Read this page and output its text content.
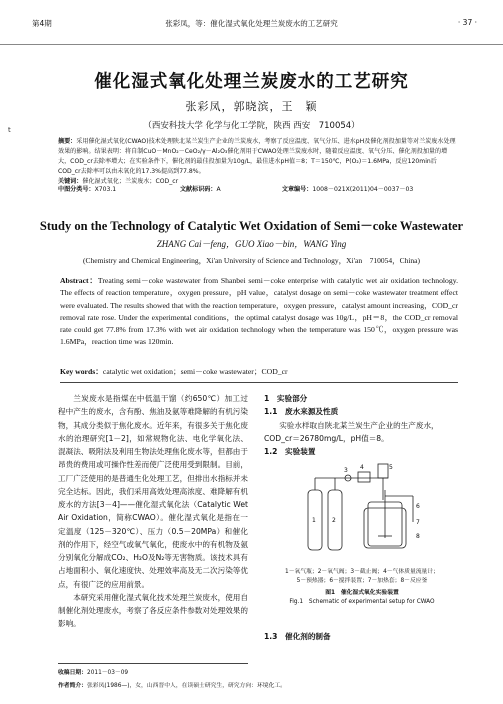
第4期	张彩凤，等：催化湿式氧化处理兰炭废水的工艺研究	· 37 ·
t
催化湿式氧化处理兰炭废水的工艺研究
张彩凤，郭晓滨，王　颖
（西安科技大学 化学与化工学院，陕西 西安　710054）
摘要：采用催化湿式氧化(CWAO)技术处理陕北某兰炭生产企业的兰炭废水，考察了反应温度、氧气分压、进水pH及催化剂投加量等对兰炭废水处理效果的影响。结果表明：将自制CuO－MnO₂－CeO₂/γ－Al₂O₃催化剂用于CWAO处理兰炭废水时，随着反应温度、氧气分压、催化剂投加量的增大，COD_cr去除率增大；在实验条件下，催化剂的最佳投加量为10g/L，最佳进水pH值＝8；T＝150℃，P(O₂)＝1.6MPa，反应120min后COD_cr去除率可以由未氧化的17.3%提高到77.8%。
关键词：催化湿式氧化；兰炭废水；COD_cr
中图分类号：X703.1	文献标识码：A	文章编号：1008－021X(2011)04－0037－03
Study on the Technology of Catalytic Wet Oxidation of Semi－coke Wastewater
ZHANG Cai－feng，GUO Xiao－bin，WANG Ying
(Chemistry and Chemical Engineering，Xi'an University of Science and Technology，Xi'an　710054，China)
Abstract：Treating semi－coke wastewater from Shanbei semi－coke enterprise with catalytic wet air oxidation technology. The effects of reaction temperature，oxygen pressure，pH value，catalyst dosage on semi－coke wastewater treatment effect were evaluated. The results showed that with the reaction temperature，oxygen pressure，catalyst amount increasing，COD_cr removal rate rose. Under the experimental conditions，the optimal catalyst dosage was 10g/L，pH＝8，the COD_cr removal rate could get 77.8% from 17.3% with wet air oxidation technology when the temperature was 150℃，oxygen pressure was 1.6MPa，reaction time was 120min.
Key words：catalytic wet oxidation；semi－coke wastewater；COD_cr

兰炭废水是指煤在中低温干馏（约650℃）加工过程中产生的废水，含有酚、焦油及氨等难降解的有机污染物，其成分类似于焦化废水。近年来，有很多关于焦化废水的治理研究[1－2]，如常规物化法、电化学氧化法、混凝法、吸附法及利用生物法处理焦化废水等，但都由于昂贵的费用或可操作性差而使广泛使用受到限制。目前，工厂广泛使用的是普通生化处理工艺，但排出水指标并未完全达标。因此，我们采用高效处理高浓度、难降解有机废水的方法[3－4]——催化湿式氧化法（Catalytic Wet Air Oxidation，简称CWAO）。催化湿式氧化是指在一定温度（125－320℃）、压力（0.5－20MPa）和催化剂的作用下，经空气或氧气氧化，使废水中的有机物及氨分别氧化分解成CO₂、H₂O及N₂等无害物质。该技术具有占地面积小、氧化速度快、处理效率高及无二次污染等优点，有很广泛的应用前景。

本研究采用催化湿式氧化技术处理兰炭废水，使用自制催化剂处理废水，考察了各反应条件参数对处理效果的影响。

1　实验部分

1.1　废水来源及性质

实验水样取自陕北某兰炭生产企业的生产废水，COD_cr＝26780mg/L，pH值＝8。

1.2　实验装置

5
4
3
1	2
6
7
8
1－氧气瓶；2－氧气阀；3－截止阀；4－气体质量流量计；
5－预热器；6－搅拌装置；7－加热套；8－反应釜
图1　催化湿式氧化实验装置
Fig.1　Schematic of experimental setup for CWAO

1.3　催化剂的制备

收稿日期：2011－03－09
作者简介：张彩凤(1986—)，女，山西晋中人，在读硕士研究生，研究方向：环境化工。
